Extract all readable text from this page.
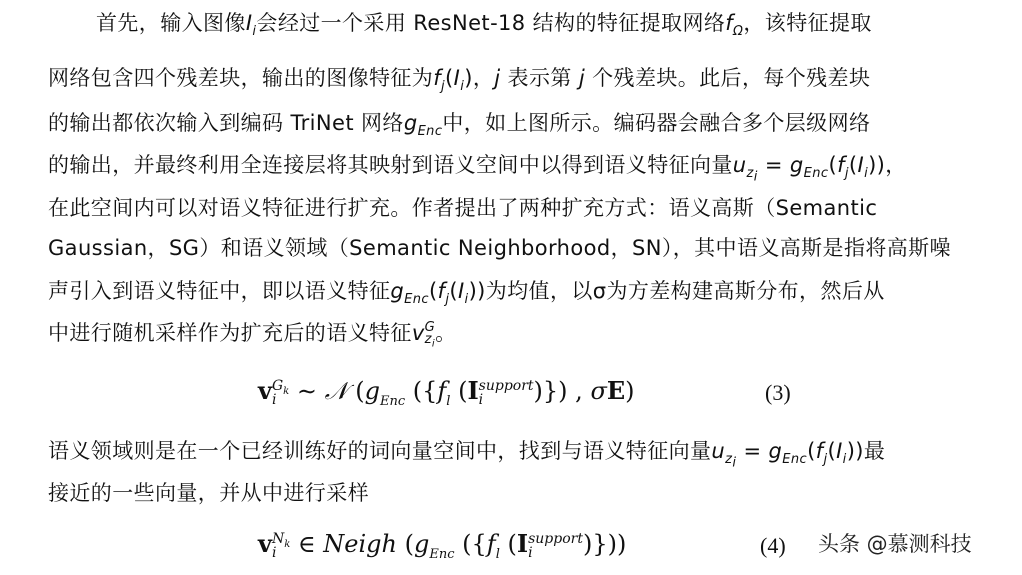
首先，输入图像$I_i$会经过一个采用 ResNet-18 结构的特征提取网络$f_\Omega$，该特征提取
网络包含四个残差块，输出的图像特征为$f_j(I_i)$，j 表示第 j 个残差块。此后，每个残差块
的输出都依次输入到编码 TriNet 网络$g_{Enc}$中，如上图所示。编码器会融合多个层级网络
的输出，并最终利用全连接层将其映射到语义空间中以得到语义特征向量$u_{z_i} = g_{Enc}(f_j(I_i))$，
在此空间内可以对语义特征进行扩充。作者提出了两种扩充方式：语义高斯（Semantic
Gaussian，SG）和语义领域（Semantic Neighborhood，SN），其中语义高斯是指将高斯噪
声引入到语义特征中，即以语义特征$g_{Enc}(f_j(I_i))$为均值，以σ为方差构建高斯分布，然后从
中进行随机采样作为扩充后的语义特征v G
$z_i$ 。
v $G_k$
i ∼ 𝒩 ($g_{Enc}$ ({$f_l$ (I support
i	)}) , σE)	(3)
语义领域则是在一个已经训练好的词向量空间中，找到与语义特征向量$u_{z_i} = g_{Enc}(f_j(I_i))$最
接近的一些向量，并从中进行采样
v $N_k$
i ∈ Neigh ($g_{Enc}$ ({$f_l$ (I support
i	)}))	(4) 头条 @慕测科技
